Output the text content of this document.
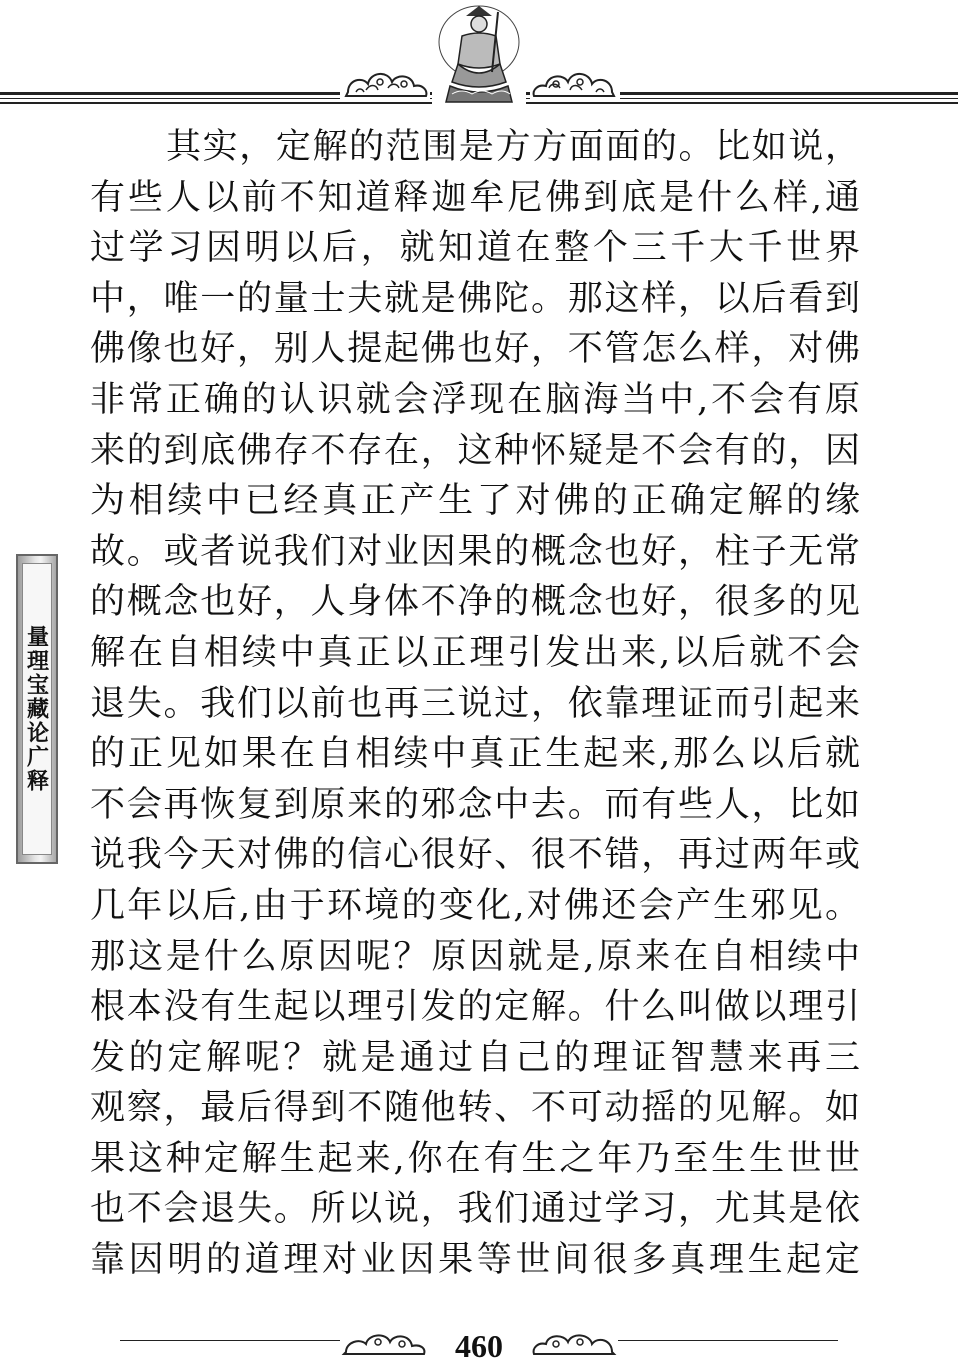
量理宝藏论广释
其实，定解的范围是方方面面的。比如说，
有些人以前不知道释迦牟尼佛到底是什么样,通
过学习因明以后，就知道在整个三千大千世界
中，唯一的量士夫就是佛陀。那这样，以后看到
佛像也好，别人提起佛也好，不管怎么样，对佛
非常正确的认识就会浮现在脑海当中,不会有原
来的到底佛存不存在，这种怀疑是不会有的，因
为相续中已经真正产生了对佛的正确定解的缘
故。或者说我们对业因果的概念也好，柱子无常
的概念也好，人身体不净的概念也好，很多的见
解在自相续中真正以正理引发出来,以后就不会
退失。我们以前也再三说过，依靠理证而引起来
的正见如果在自相续中真正生起来,那么以后就
不会再恢复到原来的邪念中去。而有些人，比如
说我今天对佛的信心很好、很不错，再过两年或
几年以后,由于环境的变化,对佛还会产生邪见。
那这是什么原因呢？原因就是,原来在自相续中
根本没有生起以理引发的定解。什么叫做以理引
发的定解呢？就是通过自己的理证智慧来再三
观察，最后得到不随他转、不可动摇的见解。如
果这种定解生起来,你在有生之年乃至生生世世
也不会退失。所以说，我们通过学习，尤其是依
靠因明的道理对业因果等世间很多真理生起定
460
